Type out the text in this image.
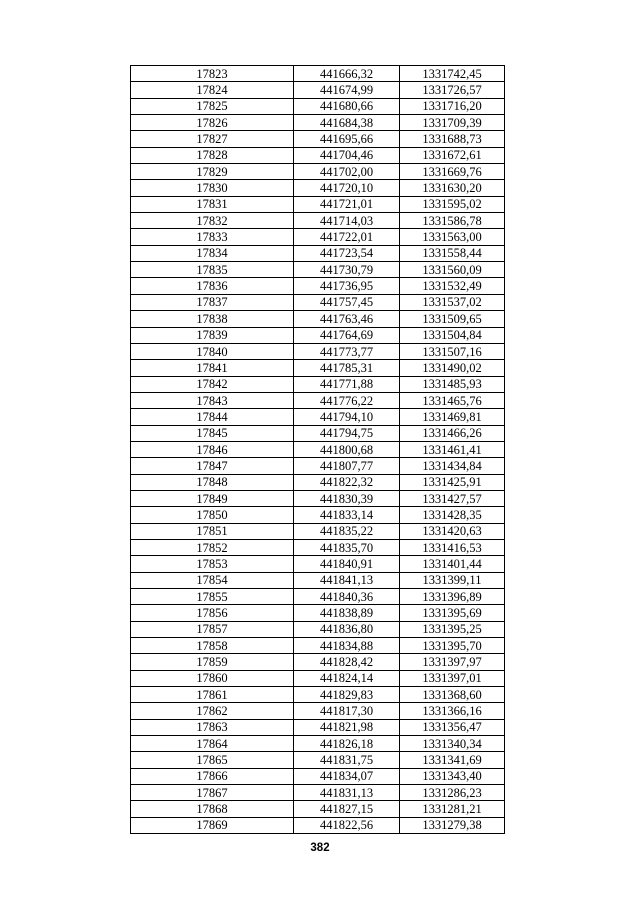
17823	441666,32	1331742,45
17824	441674,99	1331726,57
17825	441680,66	1331716,20
17826	441684,38	1331709,39
17827	441695,66	1331688,73
17828	441704,46	1331672,61
17829	441702,00	1331669,76
17830	441720,10	1331630,20
17831	441721,01	1331595,02
17832	441714,03	1331586,78
17833	441722,01	1331563,00
17834	441723,54	1331558,44
17835	441730,79	1331560,09
17836	441736,95	1331532,49
17837	441757,45	1331537,02
17838	441763,46	1331509,65
17839	441764,69	1331504,84
17840	441773,77	1331507,16
17841	441785,31	1331490,02
17842	441771,88	1331485,93
17843	441776,22	1331465,76
17844	441794,10	1331469,81
17845	441794,75	1331466,26
17846	441800,68	1331461,41
17847	441807,77	1331434,84
17848	441822,32	1331425,91
17849	441830,39	1331427,57
17850	441833,14	1331428,35
17851	441835,22	1331420,63
17852	441835,70	1331416,53
17853	441840,91	1331401,44
17854	441841,13	1331399,11
17855	441840,36	1331396,89
17856	441838,89	1331395,69
17857	441836,80	1331395,25
17858	441834,88	1331395,70
17859	441828,42	1331397,97
17860	441824,14	1331397,01
17861	441829,83	1331368,60
17862	441817,30	1331366,16
17863	441821,98	1331356,47
17864	441826,18	1331340,34
17865	441831,75	1331341,69
17866	441834,07	1331343,40
17867	441831,13	1331286,23
17868	441827,15	1331281,21
17869	441822,56	1331279,38
382
